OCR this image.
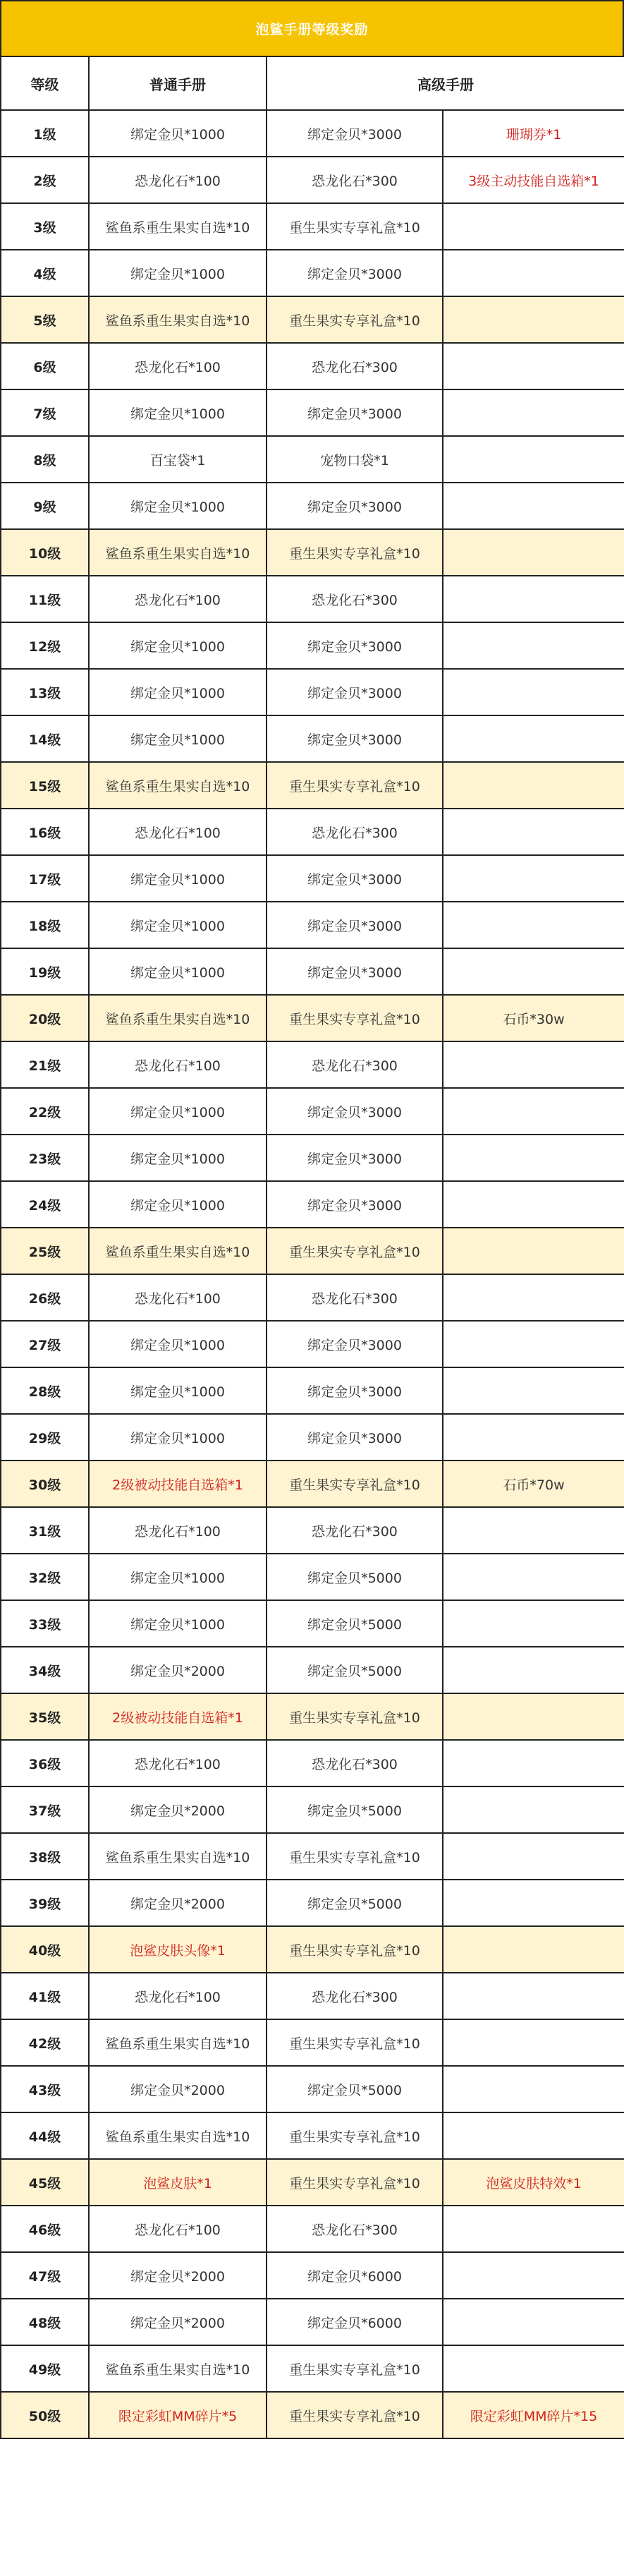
泡鲨手册等级奖励
等级	普通手册	高级手册	
1级	绑定金贝*1000	绑定金贝*3000	珊瑚券*1
2级	恐龙化石*100	恐龙化石*300	3级主动技能自选箱*1
3级	鲨鱼系重生果实自选*10	重生果实专享礼盒*10	
4级	绑定金贝*1000	绑定金贝*3000	
5级	鲨鱼系重生果实自选*10	重生果实专享礼盒*10	
6级	恐龙化石*100	恐龙化石*300	
7级	绑定金贝*1000	绑定金贝*3000	
8级	百宝袋*1	宠物口袋*1	
9级	绑定金贝*1000	绑定金贝*3000	
10级	鲨鱼系重生果实自选*10	重生果实专享礼盒*10	
11级	恐龙化石*100	恐龙化石*300	
12级	绑定金贝*1000	绑定金贝*3000	
13级	绑定金贝*1000	绑定金贝*3000	
14级	绑定金贝*1000	绑定金贝*3000	
15级	鲨鱼系重生果实自选*10	重生果实专享礼盒*10	
16级	恐龙化石*100	恐龙化石*300	
17级	绑定金贝*1000	绑定金贝*3000	
18级	绑定金贝*1000	绑定金贝*3000	
19级	绑定金贝*1000	绑定金贝*3000	
20级	鲨鱼系重生果实自选*10	重生果实专享礼盒*10	石币*30w
21级	恐龙化石*100	恐龙化石*300	
22级	绑定金贝*1000	绑定金贝*3000	
23级	绑定金贝*1000	绑定金贝*3000	
24级	绑定金贝*1000	绑定金贝*3000	
25级	鲨鱼系重生果实自选*10	重生果实专享礼盒*10	
26级	恐龙化石*100	恐龙化石*300	
27级	绑定金贝*1000	绑定金贝*3000	
28级	绑定金贝*1000	绑定金贝*3000	
29级	绑定金贝*1000	绑定金贝*3000	
30级	2级被动技能自选箱*1	重生果实专享礼盒*10	石币*70w
31级	恐龙化石*100	恐龙化石*300	
32级	绑定金贝*1000	绑定金贝*5000	
33级	绑定金贝*1000	绑定金贝*5000	
34级	绑定金贝*2000	绑定金贝*5000	
35级	2级被动技能自选箱*1	重生果实专享礼盒*10	
36级	恐龙化石*100	恐龙化石*300	
37级	绑定金贝*2000	绑定金贝*5000	
38级	鲨鱼系重生果实自选*10	重生果实专享礼盒*10	
39级	绑定金贝*2000	绑定金贝*5000	
40级	泡鲨皮肤头像*1	重生果实专享礼盒*10	
41级	恐龙化石*100	恐龙化石*300	
42级	鲨鱼系重生果实自选*10	重生果实专享礼盒*10	
43级	绑定金贝*2000	绑定金贝*5000	
44级	鲨鱼系重生果实自选*10	重生果实专享礼盒*10	
45级	泡鲨皮肤*1	重生果实专享礼盒*10	泡鲨皮肤特效*1
46级	恐龙化石*100	恐龙化石*300	
47级	绑定金贝*2000	绑定金贝*6000	
48级	绑定金贝*2000	绑定金贝*6000	
49级	鲨鱼系重生果实自选*10	重生果实专享礼盒*10	
50级	限定彩虹MM碎片*5	重生果实专享礼盒*10	限定彩虹MM碎片*15
